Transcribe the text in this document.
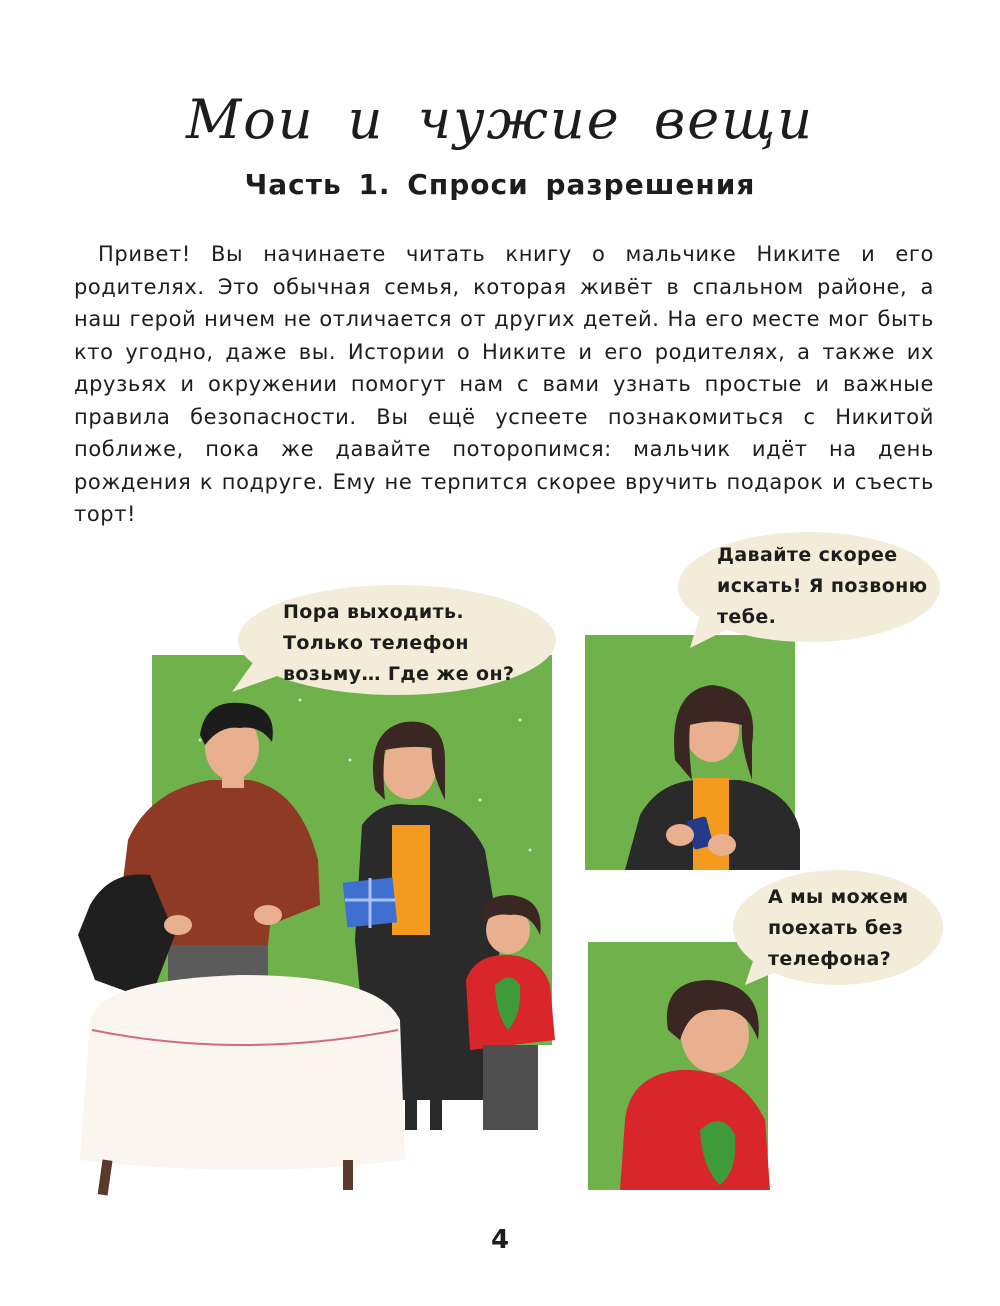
Мои и чужие вещи
Часть 1. Спроси разрешения

Привет! Вы начинаете читать книгу о мальчике Никите и его родителях. Это обычная семья, которая живёт в спальном районе, а наш герой ничем не отличается от других детей. На его месте мог быть кто угодно, даже вы. Истории о Никите и его родителях, а также их друзьях и окружении помогут нам с вами узнать простые и важные правила безопасности. Вы ещё успеете познакомиться с Никитой поближе, пока же давайте поторопимся: мальчик идёт на день рождения к подруге. Ему не терпится скорее вручить подарок и съесть торт!

Пора выходить.
Только телефон
возьму… Где же он?
Давайте скорее
искать! Я позвоню
тебе.
А мы можем
поехать без
телефона?
4
